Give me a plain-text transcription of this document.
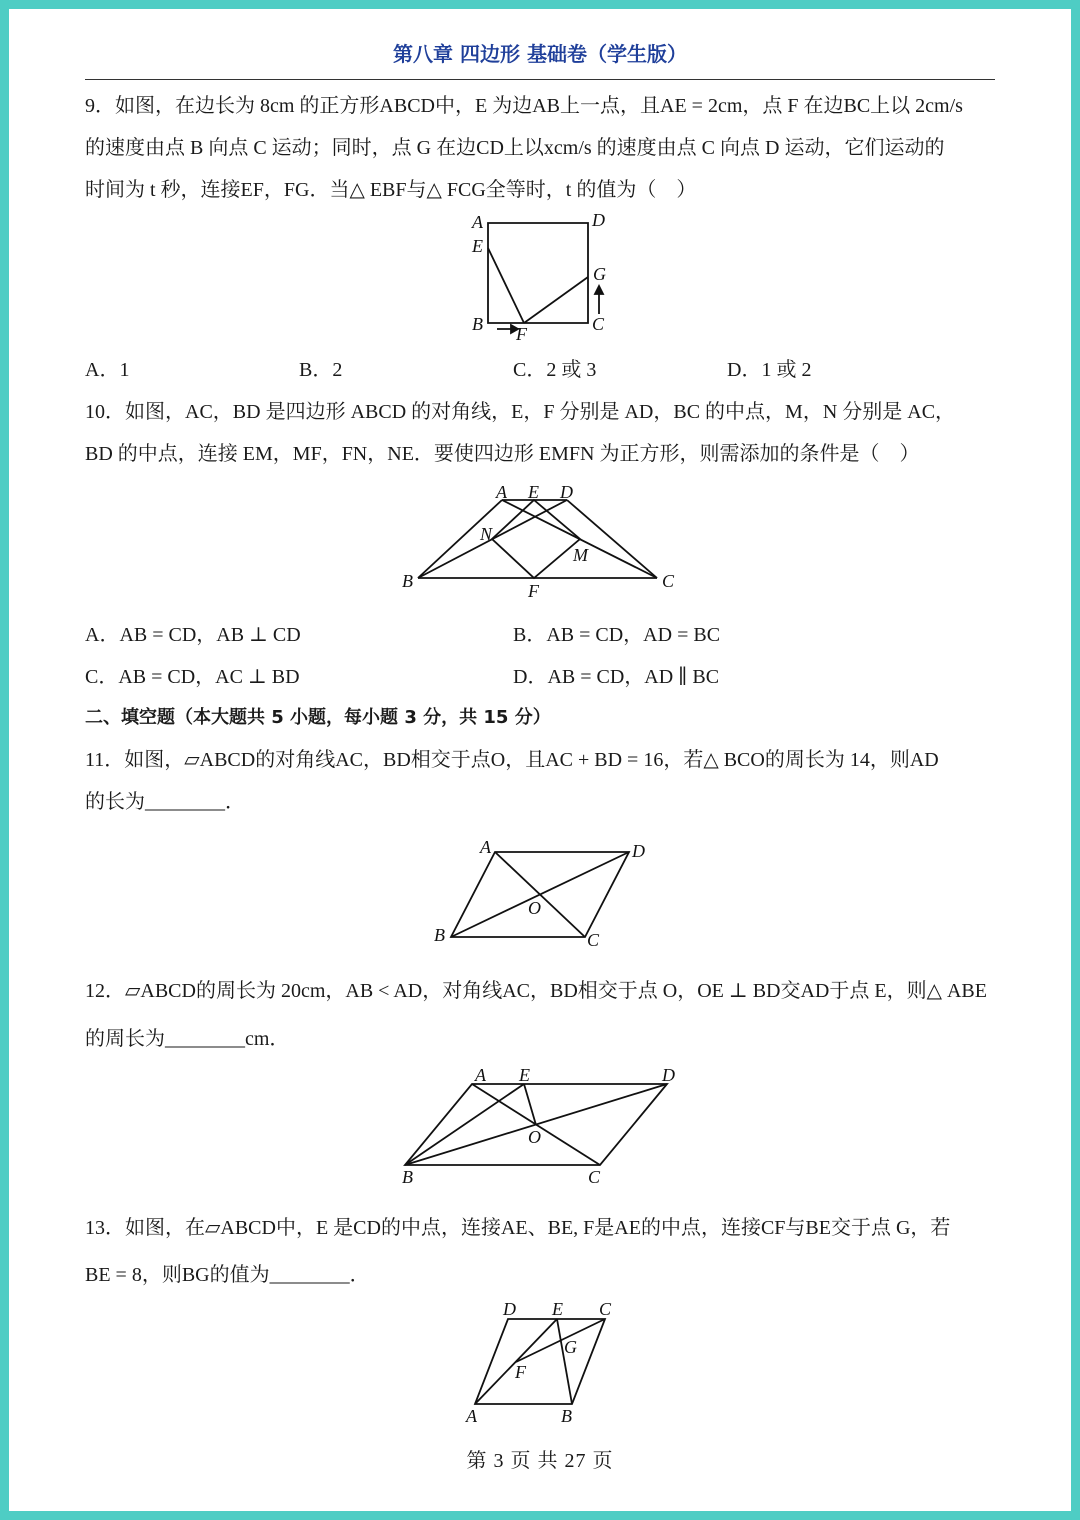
第八章 四边形 基础卷（学生版）
9．如图，在边长为 8cm 的正方形ABCD中，E 为边AB上一点，且AE = 2cm，点 F 在边BC上以 2cm/s
的速度由点 B 向点 C 运动；同时，点 G 在边CD上以xcm/s 的速度由点 C 向点 D 运动，它们运动的
时间为 t 秒，连接EF，FG．当△ EBF与△ FCG全等时，t 的值为（　）
A	D
E
G
B F	C
A．1	B．2	C．2 或 3	D．1 或 2
10．如图，AC，BD 是四边形 ABCD 的对角线，E，F 分别是 AD，BC 的中点，M，N 分别是 AC，
BD 的中点，连接 EM，MF，FN，NE．要使四边形 EMFN 为正方形，则需添加的条件是（　）
A E D
N
M
B	F	C
A．AB = CD，AB ⊥ CD	B．AB = CD，AD = BC
C．AB = CD，AC ⊥ BD	D．AB = CD，AD ∥ BC
二、填空题（本大题共 5 小题，每小题 3 分，共 15 分）
11．如图，▱ABCD的对角线AC，BD相交于点O，且AC + BD = 16，若△ BCO的周长为 14，则AD
的长为________．
A	D
O
B	C
12．▱ABCD的周长为 20cm，AB < AD，对角线AC，BD相交于点 O，OE ⊥ BD交AD于点 E，则△ ABE
的周长为________cm．
A E	D
O
B	C
13．如图，在▱ABCD中，E 是CD的中点，连接AE、BE, F是AE的中点，连接CF与BE交于点 G，若
BE = 8，则BG的值为________．
D E C
G
F
A	B
第 3 页 共 27 页
